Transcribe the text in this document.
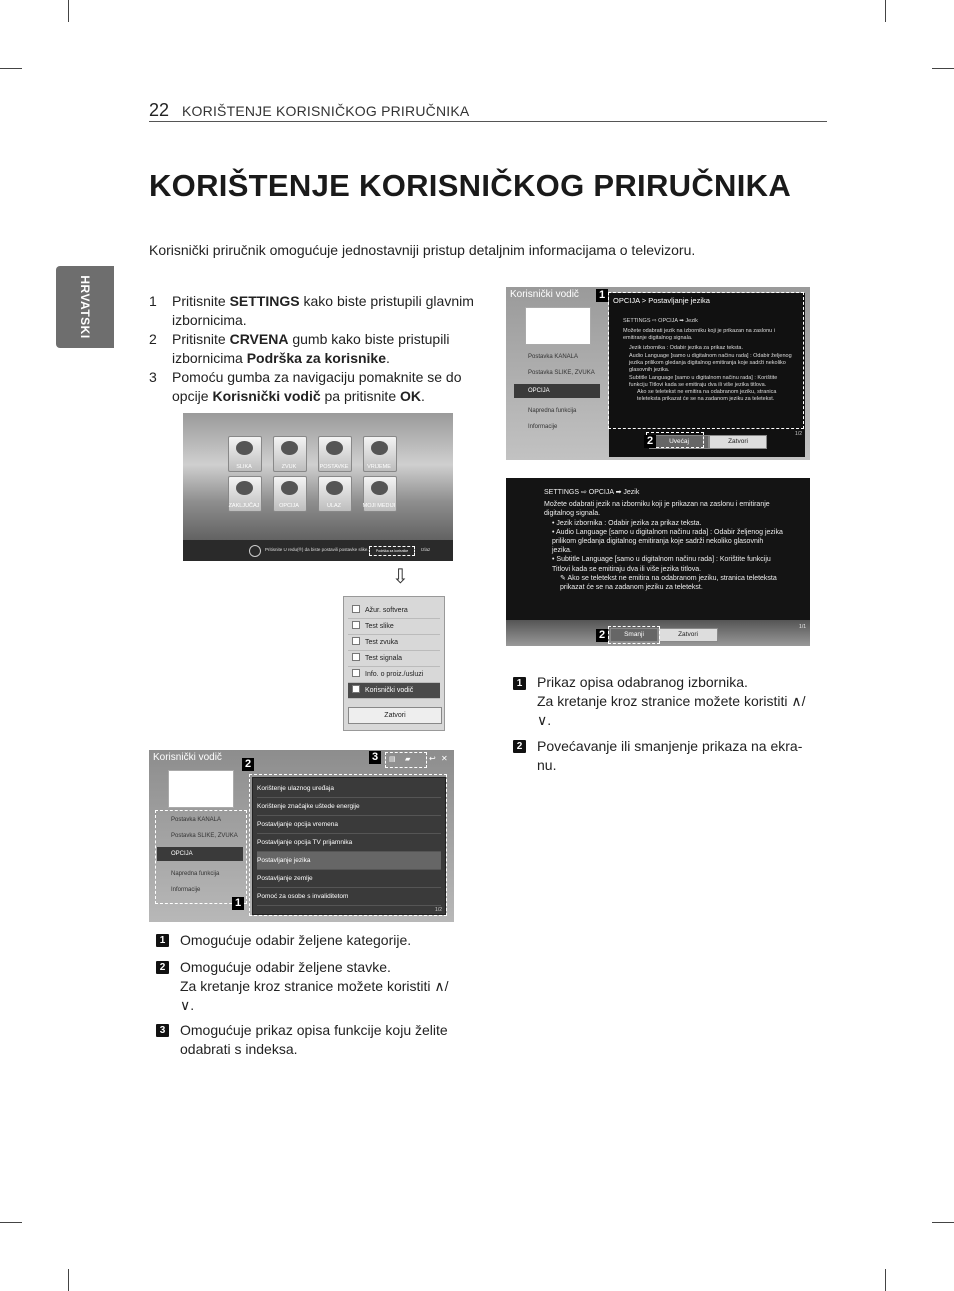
22 KORIŠTENJE KORISNIČKOG PRIRUČNIKA
KORIŠTENJE KORISNIČKOG PRIRUČNIKA
Korisnički priručnik omogućuje jednostavniji pristup detaljnim informacijama o televizoru.
HRVATSKI	1 Pritisnite SETTINGS kako biste pristupili glavnim izbornicima.
2 Pritisnite CRVENA gumb kako biste pristupili izbornicima Podrška za korisnike.
3 Pomoću gumba za navigaciju pomaknite se do opcije Korisnički vodič pa pritisnite OK.
SLIKA	ZVUK	POSTAVKE	VRIJEME
ZAKLJUČAJ	OPCIJA	ULAZ	MOJI MEDIJI
Pritisnite U redu(®) da biste postavili postavke slike.	Podrška za korisnike	Izlaz
⇩
Ažur. softvera
Test slike
Test zvuka
Test signala
Info. o proiz./usluzi
Korisnički vodič
Zatvori
Korisnički vodič
Postavka KANALA
Postavka SLIKE, ZVUKA
OPCIJA
Napredna funkcija
Informacije
1
Korištenje ulaznog uređaja
Korištenje značajke uštede energije
Postavljanje opcija vremena
Postavljanje opcija TV prijamnika
Postavljanje jezika
Postavljanje zemlje
Pomoć za osobe s invaliditetom
1/2
2
3	▤ ▰ ↩ ✕
Korisnički vodič
Postavka KANALA
Postavka SLIKE, ZVUKA
OPCIJA
Napredna funkcija
Informacije
OPCIJA > Postavljanje jezika
SETTINGS ⇨ OPCIJA ➡ Jezik
Možete odabrati jezik na izborniku koji je prikazan na zaslonu i emitiranje digitalnog signala.
Jezik izbornika : Odabir jezika za prikaz teksta.
Audio Language [samo u digitalnom načinu rada] : Odabir željenog jezika prilikom gledanja digitalnog emitiranja koje sadrži nekoliko glasovnih jezika.
Subtitle Language [samo u digitalnom načinu rada] : Korištite funkciju Titlovi kada se emitiraju dva ili više jezika titlova.
Ako se teletekst ne emitira na odabranom jeziku, stranica teleteksta prikazat će se na zadanom jeziku za teletekst.
Uvećaj	Zatvori
1/2
1
2

SETTINGS ⇨ OPCIJA ➡ Jezik

Možete odabrati jezik na izborniku koji je prikazan na zaslonu i emitiranje digitalnog signala.

• Jezik izbornika : Odabir jezika za prikaz teksta.

• Audio Language [samo u digitalnom načinu rada] : Odabir željenog jezika prilikom gledanja digitalnog emitiranja koje sadrži nekoliko glasovnih jezika.

• Subtitle Language [samo u digitalnom načinu rada] : Korištite funkciju Titlovi kada se emitiraju dva ili više jezika titlova.

✎ Ako se teletekst ne emitira na odabranom jeziku, stranica teleteksta prikazat će se na zadanom jeziku za teletekst.

Smanji	Zatvori
1/1
2
1 Omogućuje odabir željene kategorije.
2 Omogućuje odabir željene stavke.
Za kretanje kroz stranice možete koristiti ∧/∨.
3 Omogućuje prikaz opisa funkcije koju želite odabrati s indeksa.
1 Prikaz opisa odabranog izbornika.
Za kretanje kroz stranice možete koristiti ∧/∨.
2 Povećavanje ili smanjenje prikaza na ekra-nu.
